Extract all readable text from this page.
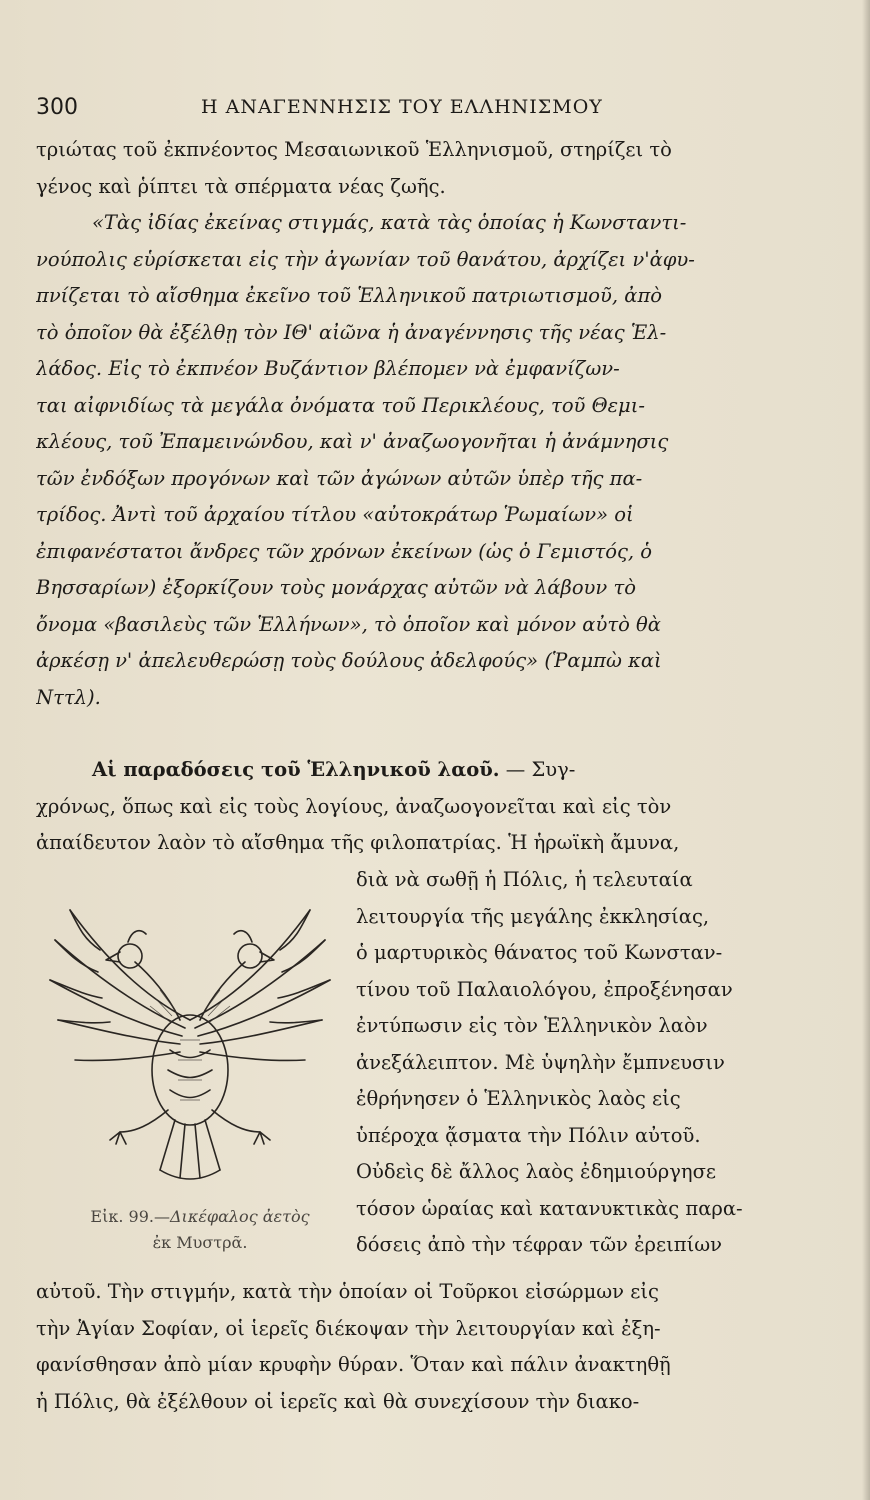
300	Η ΑΝΑΓΕΝΝΗΣΙΣ ΤΟΥ ΕΛΛΗΝΙΣΜΟΥ
τριώτας τοῦ ἐκπνέοντος Μεσαιωνικοῦ Ἑλληνισμοῦ, στηρίζει τὸ
γένος καὶ ῥίπτει τὰ σπέρματα νέας ζωῆς.
«Τὰς ἰδίας ἐκείνας στιγμάς, κατὰ τὰς ὁποίας ἡ Κωνσταντι-
νούπολις εὑρίσκεται εἰς τὴν ἀγωνίαν τοῦ θανάτου, ἀρχίζει ν'ἀφυ-
πνίζεται τὸ αἴσθημα ἐκεῖνο τοῦ Ἑλληνικοῦ πατριωτισμοῦ, ἀπὸ
τὸ ὁποῖον θὰ ἐξέλθῃ τὸν ΙΘ' αἰῶνα ἡ ἀναγέννησις τῆς νέας Ἑλ-
λάδος. Εἰς τὸ ἐκπνέον Βυζάντιον βλέπομεν νὰ ἐμφανίζων-
ται αἰφνιδίως τὰ μεγάλα ὀνόματα τοῦ Περικλέους, τοῦ Θεμι-
κλέους, τοῦ Ἐπαμεινώνδου, καὶ ν' ἀναζωογονῆται ἡ ἀνάμνησις
τῶν ἐνδόξων προγόνων καὶ τῶν ἀγώνων αὐτῶν ὑπὲρ τῆς πα-
τρίδος. Ἀντὶ τοῦ ἀρχαίου τίτλου «αὐτοκράτωρ Ῥωμαίων» οἱ
ἐπιφανέστατοι ἄνδρες τῶν χρόνων ἐκείνων (ὡς ὁ Γεμιστός, ὁ
Βησσαρίων) ἐξορκίζουν τοὺς μονάρχας αὐτῶν νὰ λάβουν τὸ
ὄνομα «βασιλεὺς τῶν Ἑλλήνων», τὸ ὁποῖον καὶ μόνον αὐτὸ θὰ
ἀρκέσῃ ν' ἀπελευθερώσῃ τοὺς δούλους ἀδελφούς» (Ῥαμπὼ καὶ
Νττλ).
Αἱ παραδόσεις τοῦ Ἑλληνικοῦ λαοῦ. — Συγ-
χρόνως, ὅπως καὶ εἰς τοὺς λογίους, ἀναζωογονεῖται καὶ εἰς τὸν
ἀπαίδευτον λαὸν τὸ αἴσθημα τῆς φιλοπατρίας. Ἡ ἡρωϊκὴ ἄμυνα,
διὰ νὰ σωθῇ ἡ Πόλις, ἡ τελευταία
λειτουργία τῆς μεγάλης ἐκκλησίας,
ὁ μαρτυρικὸς θάνατος τοῦ Κωνσταν-
τίνου τοῦ Παλαιολόγου, ἐπροξένησαν
ἐντύπωσιν εἰς τὸν Ἑλληνικὸν λαὸν
ἀνεξάλειπτον. Μὲ ὑψηλὴν ἔμπνευσιν
ἐθρήνησεν ὁ Ἑλληνικὸς λαὸς εἰς
ὑπέροχα ᾄσματα τὴν Πόλιν αὐτοῦ.
Οὐδεὶς δὲ ἄλλος λαὸς ἐδημιούργησε
τόσον ὡραίας καὶ κατανυκτικὰς παρα-
δόσεις ἀπὸ τὴν τέφραν τῶν ἐρειπίων
Εἰκ. 99.—Δικέφαλος ἀετὸς
ἐκ Μυστρᾶ.
αὐτοῦ. Τὴν στιγμήν, κατὰ τὴν ὁποίαν οἱ Τοῦρκοι εἰσώρμων εἰς
τὴν Ἁγίαν Σοφίαν, οἱ ἱερεῖς διέκοψαν τὴν λειτουργίαν καὶ ἐξη-
φανίσθησαν ἀπὸ μίαν κρυφὴν θύραν. Ὅταν καὶ πάλιν ἀνακτηθῇ
ἡ Πόλις, θὰ ἐξέλθουν οἱ ἱερεῖς καὶ θὰ συνεχίσουν τὴν διακο-
